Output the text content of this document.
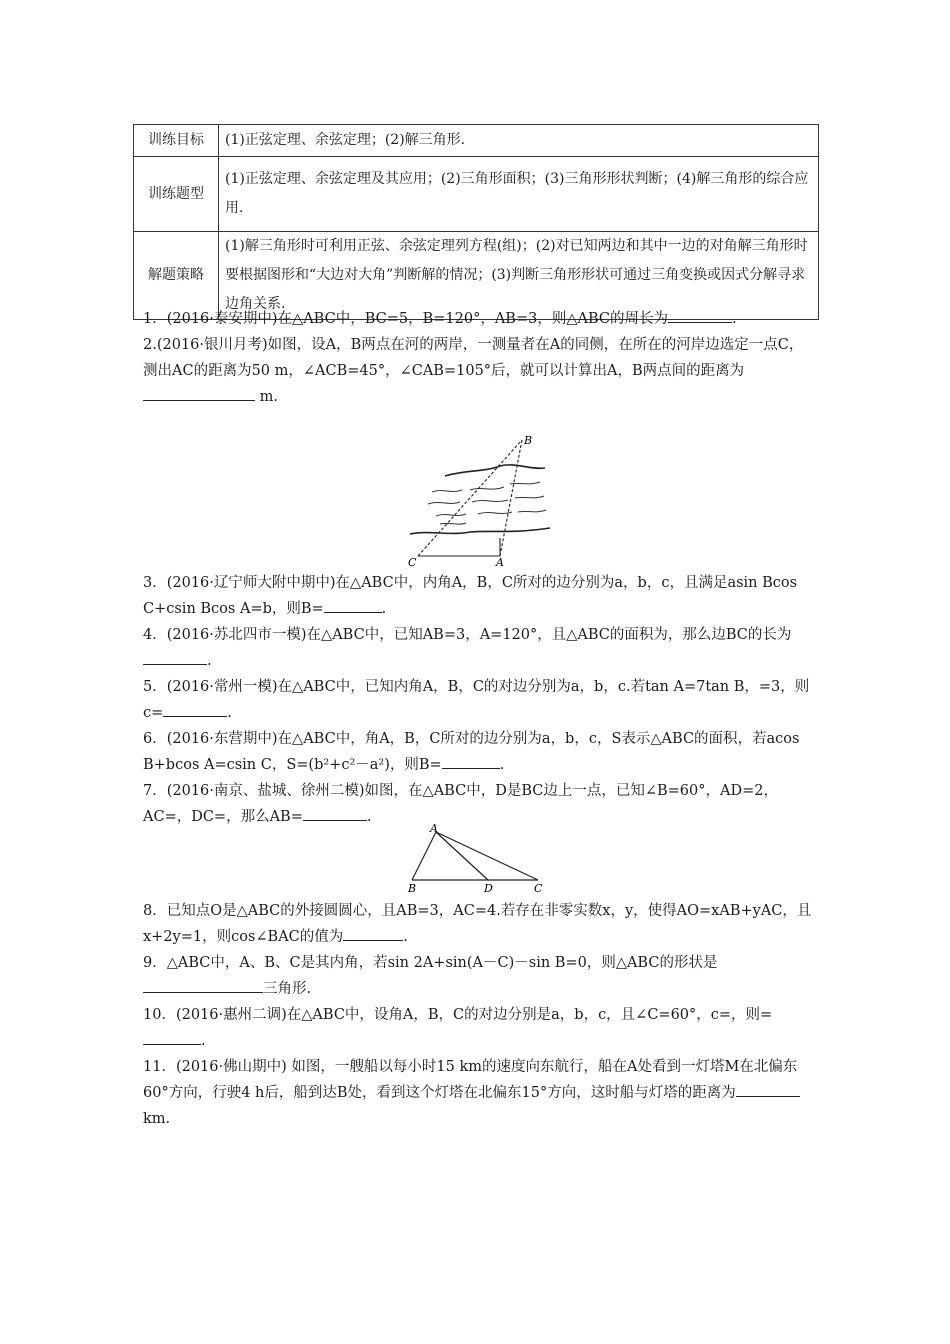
训练目标	(1)正弦定理、余弦定理；(2)解三角形.
训练题型	(1)正弦定理、余弦定理及其应用；(2)三角形面积；(3)三角形形状判断；(4)解三角形的综合应用.
解题策略	(1)解三角形时可利用正弦、余弦定理列方程(组)；(2)对已知两边和其中一边的对角解三角形时要根据图形和“大边对大角”判断解的情况；(3)判断三角形形状可通过三角变换或因式分解寻求边角关系.

1．(2016·泰安期中)在△ABC中，BC=5，B=120°，AB=3，则△ABC的周长为	.

2.(2016·银川月考)如图，设A，B两点在河的两岸，一测量者在A的同侧，在所在的河岸边选定一点C，测出AC的距离为50 m，∠ACB=45°，∠CAB=105°后，就可以计算出A，B两点间的距离为 m.

B
C	A

3．(2016·辽宁师大附中期中)在△ABC中，内角A，B，C所对的边分别为a，b，c，且满足asin Bcos C+csin Bcos A=b，则B=	.

4．(2016·苏北四市一模)在△ABC中，已知AB=3，A=120°，且△ABC的面积为，那么边BC的长为.

5．(2016·常州一模)在△ABC中，已知内角A，B，C的对边分别为a，b，c.若tan A=7tan B，=3，则c=	.

6．(2016·东营期中)在△ABC中，角A，B，C所对的边分别为a，b，c，S表示△ABC的面积，若acos B+bcos A=csin C，S=(b²+c²－a²)，则B=	.

7．(2016·南京、盐城、徐州二模)如图，在△ABC中，D是BC边上一点，已知∠B=60°，AD=2，AC=，DC=，那么AB=	.

A
B	D	C

8．已知点O是△ABC的外接圆圆心，且AB=3，AC=4.若存在非零实数x，y，使得AO=xAB+yAC，且x+2y=1，则cos∠BAC的值为	.

9．△ABC中，A、B、C是其内角，若sin 2A+sin(A－C)－sin B=0，则△ABC的形状是三角形.

10．(2016·惠州二调)在△ABC中，设角A，B，C的对边分别是a，b，c，且∠C=60°，c=，则=.

11．(2016·佛山期中) 如图，一艘船以每小时15 km的速度向东航行，船在A处看到一灯塔M在北偏东60°方向，行驶4 h后，船到达B处，看到这个灯塔在北偏东15°方向，这时船与灯塔的距离为 km.
